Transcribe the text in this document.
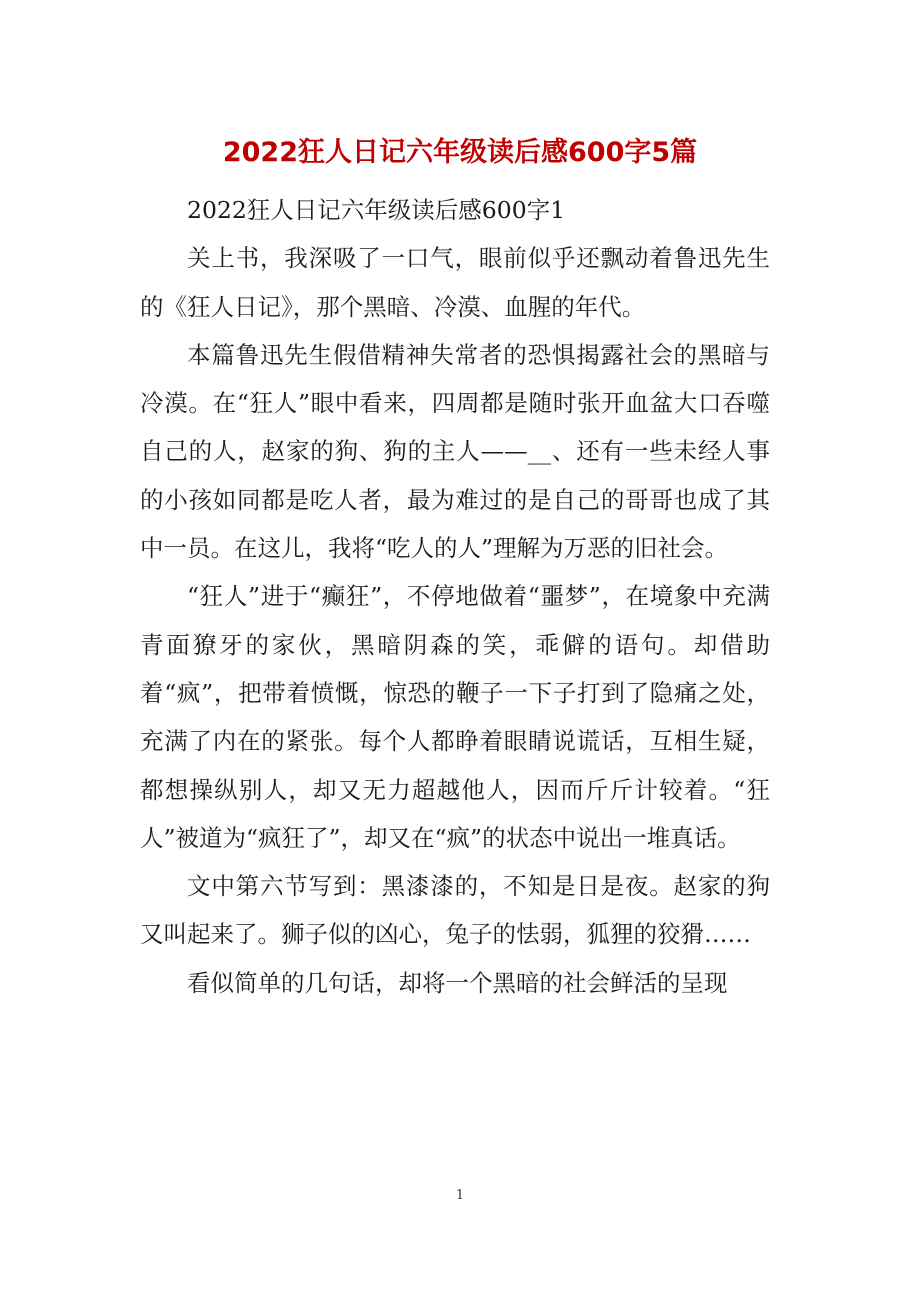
2022狂人日记六年级读后感600字5篇

2022狂人日记六年级读后感600字1

关上书，我深吸了一口气，眼前似乎还飘动着鲁迅先生的《狂人日记》，那个黑暗、冷漠、血腥的年代。

本篇鲁迅先生假借精神失常者的恐惧揭露社会的黑暗与冷漠。在“狂人”眼中看来，四周都是随时张开血盆大口吞噬自己的人，赵家的狗、狗的主人——__、还有一些未经人事的小孩如同都是吃人者，最为难过的是自己的哥哥也成了其中一员。在这儿，我将“吃人的人”理解为万恶的旧社会。

“狂人”进于“癫狂”，不停地做着“噩梦”，在境象中充满青面獠牙的家伙，黑暗阴森的笑，乖僻的语句。却借助着“疯”，把带着愤慨，惊恐的鞭子一下子打到了隐痛之处，充满了内在的紧张。每个人都睁着眼睛说谎话，互相生疑，都想操纵别人，却又无力超越他人，因而斤斤计较着。“狂人”被道为“疯狂了”，却又在“疯”的状态中说出一堆真话。

文中第六节写到：黑漆漆的，不知是日是夜。赵家的狗又叫起来了。狮子似的凶心，兔子的怯弱，狐狸的狡猾……

看似简单的几句话，却将一个黑暗的社会鲜活的呈现

1
